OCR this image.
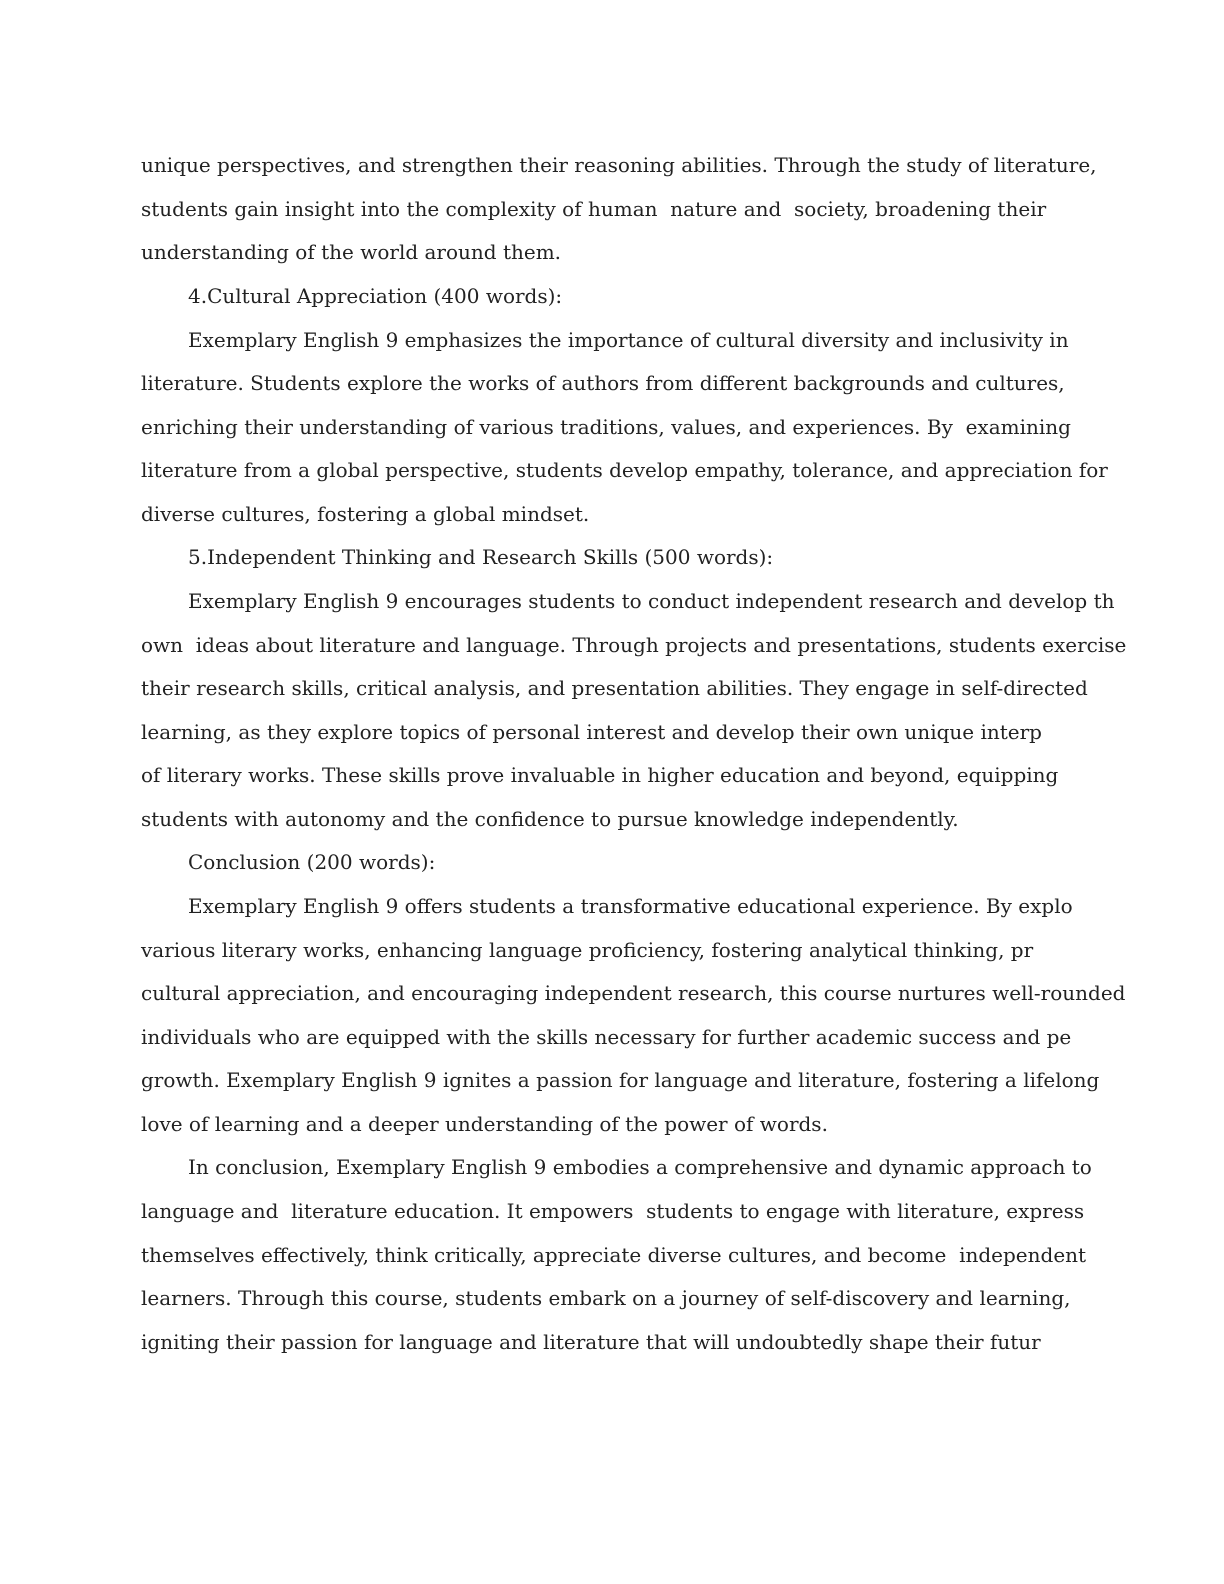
unique perspectives, and strengthen their reasoning abilities. Through the study of literature,
students gain insight into the complexity of human  nature and  society, broadening their
understanding of the world around them.
4.Cultural Appreciation (400 words):
Exemplary English 9 emphasizes the importance of cultural diversity and inclusivity in
literature. Students explore the works of authors from different backgrounds and cultures,
enriching their understanding of various traditions, values, and experiences. By  examining
literature from a global perspective, students develop empathy, tolerance, and appreciation for
diverse cultures, fostering a global mindset.
5.Independent Thinking and Research Skills (500 words):
Exemplary English 9 encourages students to conduct independent research and develop th
own  ideas about literature and language. Through projects and presentations, students exercise
their research skills, critical analysis, and presentation abilities. They engage in self-directed
learning, as they explore topics of personal interest and develop their own unique interp
of literary works. These skills prove invaluable in higher education and beyond, equipping
students with autonomy and the confidence to pursue knowledge independently.
Conclusion (200 words):
Exemplary English 9 offers students a transformative educational experience. By explo
various literary works, enhancing language proficiency, fostering analytical thinking, pr
cultural appreciation, and encouraging independent research, this course nurtures well-rounded
individuals who are equipped with the skills necessary for further academic success and pe
growth. Exemplary English 9 ignites a passion for language and literature, fostering a lifelong
love of learning and a deeper understanding of the power of words.
In conclusion, Exemplary English 9 embodies a comprehensive and dynamic approach to
language and  literature education. It empowers  students to engage with literature, express
themselves effectively, think critically, appreciate diverse cultures, and become  independent
learners. Through this course, students embark on a journey of self-discovery and learning,
igniting their passion for language and literature that will undoubtedly shape their futur
